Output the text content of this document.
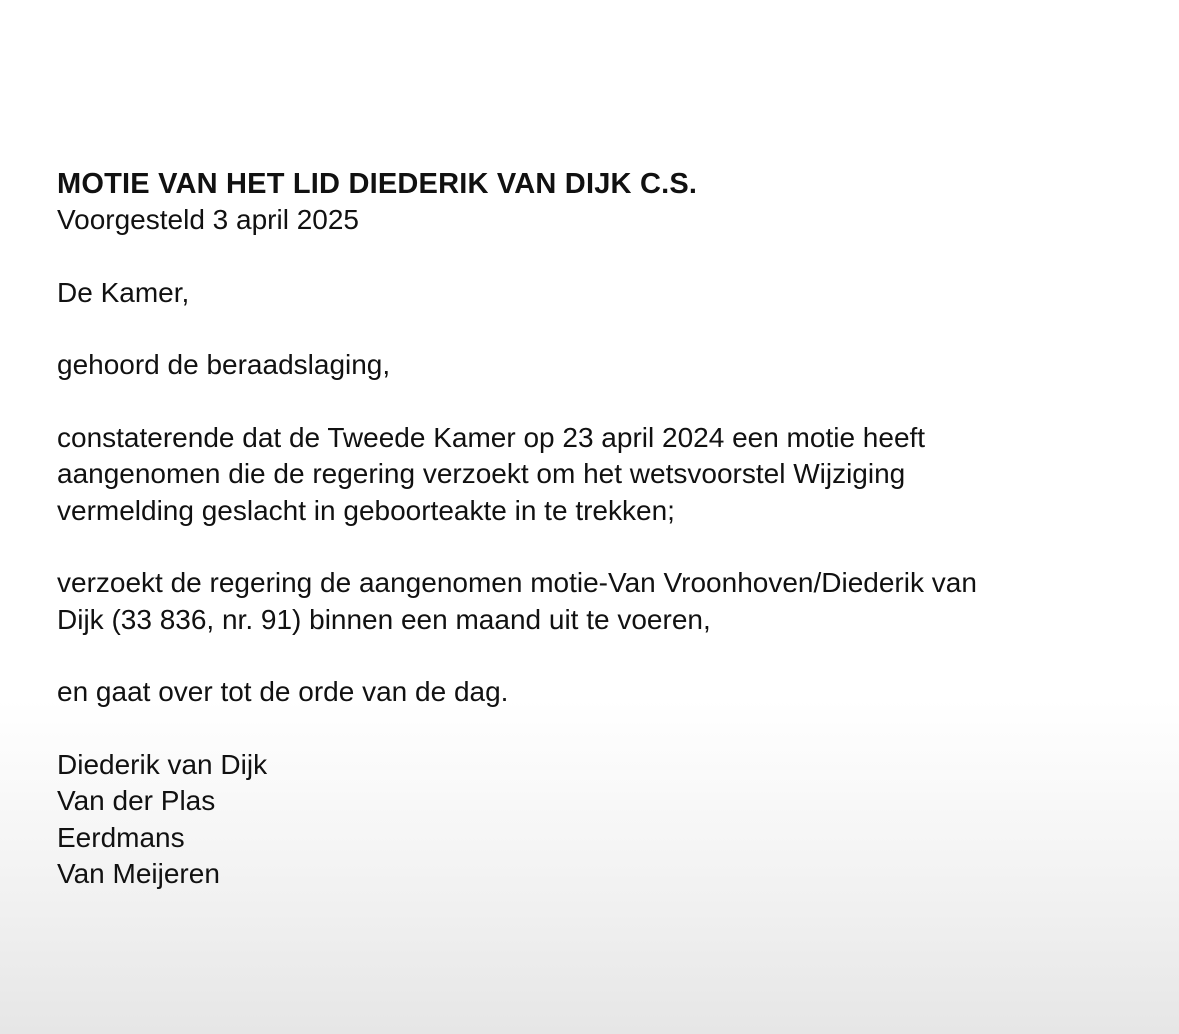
MOTIE VAN HET LID DIEDERIK VAN DIJK C.S.

Voorgesteld 3 april 2025

De Kamer,

gehoord de beraadslaging,

constaterende dat de Tweede Kamer op 23 april 2024 een motie heeft

aangenomen die de regering verzoekt om het wetsvoorstel Wijziging

vermelding geslacht in geboorteakte in te trekken;

verzoekt de regering de aangenomen motie-Van Vroonhoven/Diederik van

Dijk (33 836, nr. 91) binnen een maand uit te voeren,

en gaat over tot de orde van de dag.

Diederik van Dijk

Van der Plas

Eerdmans

Van Meijeren
